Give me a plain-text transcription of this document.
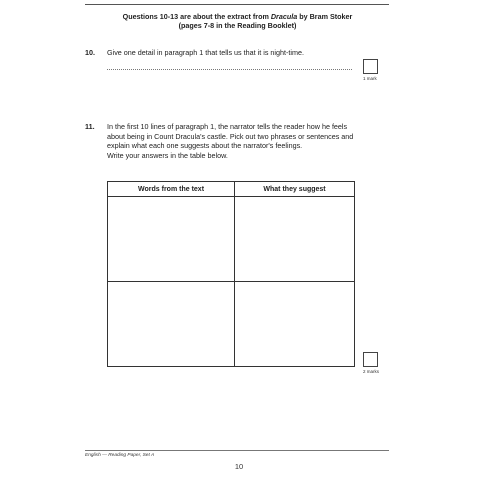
Questions 10-13 are about the extract from Dracula by Bram Stoker
(pages 7-8 in the Reading Booklet)
10. Give one detail in paragraph 1 that tells us that it is night-time.
1 mark
11. In the first 10 lines of paragraph 1, the narrator tells the reader how he feels
about being in Count Dracula's castle. Pick out two phrases or sentences and
explain what each one suggests about the narrator's feelings.
Write your answers in the table below.
Words from the text	What they suggest

2 marks
English — Reading Paper, Set A
10
